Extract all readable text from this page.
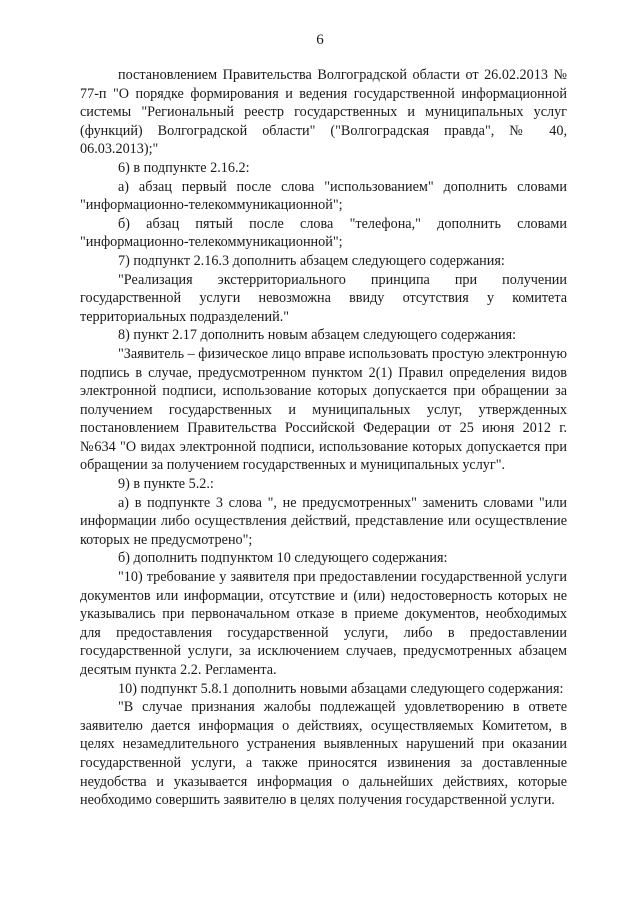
6

постановлением Правительства Волгоградской области от 26.02.2013 № 77-п "О порядке формирования и ведения государственной информационной системы "Региональный реестр государственных и муниципальных услуг (функций) Волгоградской области" ("Волгоградская правда", № 40, 06.03.2013);"

6) в подпункте 2.16.2:

а) абзац первый после слова "использованием" дополнить словами "информационно-телекоммуникационной";

б) абзац пятый после слова "телефона," дополнить словами "информационно-телекоммуникационной";

7) подпункт 2.16.3 дополнить абзацем следующего содержания:

"Реализация экстерриториального принципа при получении государственной услуги невозможна ввиду отсутствия у комитета территориальных подразделений."

8) пункт 2.17 дополнить новым абзацем следующего содержания:

"Заявитель – физическое лицо вправе использовать простую электронную подпись в случае, предусмотренном пунктом 2(1) Правил определения видов электронной подписи, использование которых допускается при обращении за получением государственных и муниципальных услуг, утвержденных постановлением Правительства Российской Федерации от 25 июня 2012 г. №634 "О видах электронной подписи, использование которых допускается при обращении за получением государственных и муниципальных услуг".

9) в пункте 5.2.:

а) в подпункте 3 слова ", не предусмотренных" заменить словами "или информации либо осуществления действий, представление или осуществление которых не предусмотрено";

б) дополнить подпунктом 10 следующего содержания:

"10) требование у заявителя при предоставлении государственной услуги документов или информации, отсутствие и (или) недостоверность которых не указывались при первоначальном отказе в приеме документов, необходимых для предоставления государственной услуги, либо в предоставлении государственной услуги, за исключением случаев, предусмотренных абзацем десятым пункта 2.2. Регламента.

10) подпункт 5.8.1 дополнить новыми абзацами следующего содержания:

"В случае признания жалобы подлежащей удовлетворению в ответе заявителю дается информация о действиях, осуществляемых Комитетом, в целях незамедлительного устранения выявленных нарушений при оказании государственной услуги, а также приносятся извинения за доставленные неудобства и указывается информация о дальнейших действиях, которые необходимо совершить заявителю в целях получения государственной услуги.
